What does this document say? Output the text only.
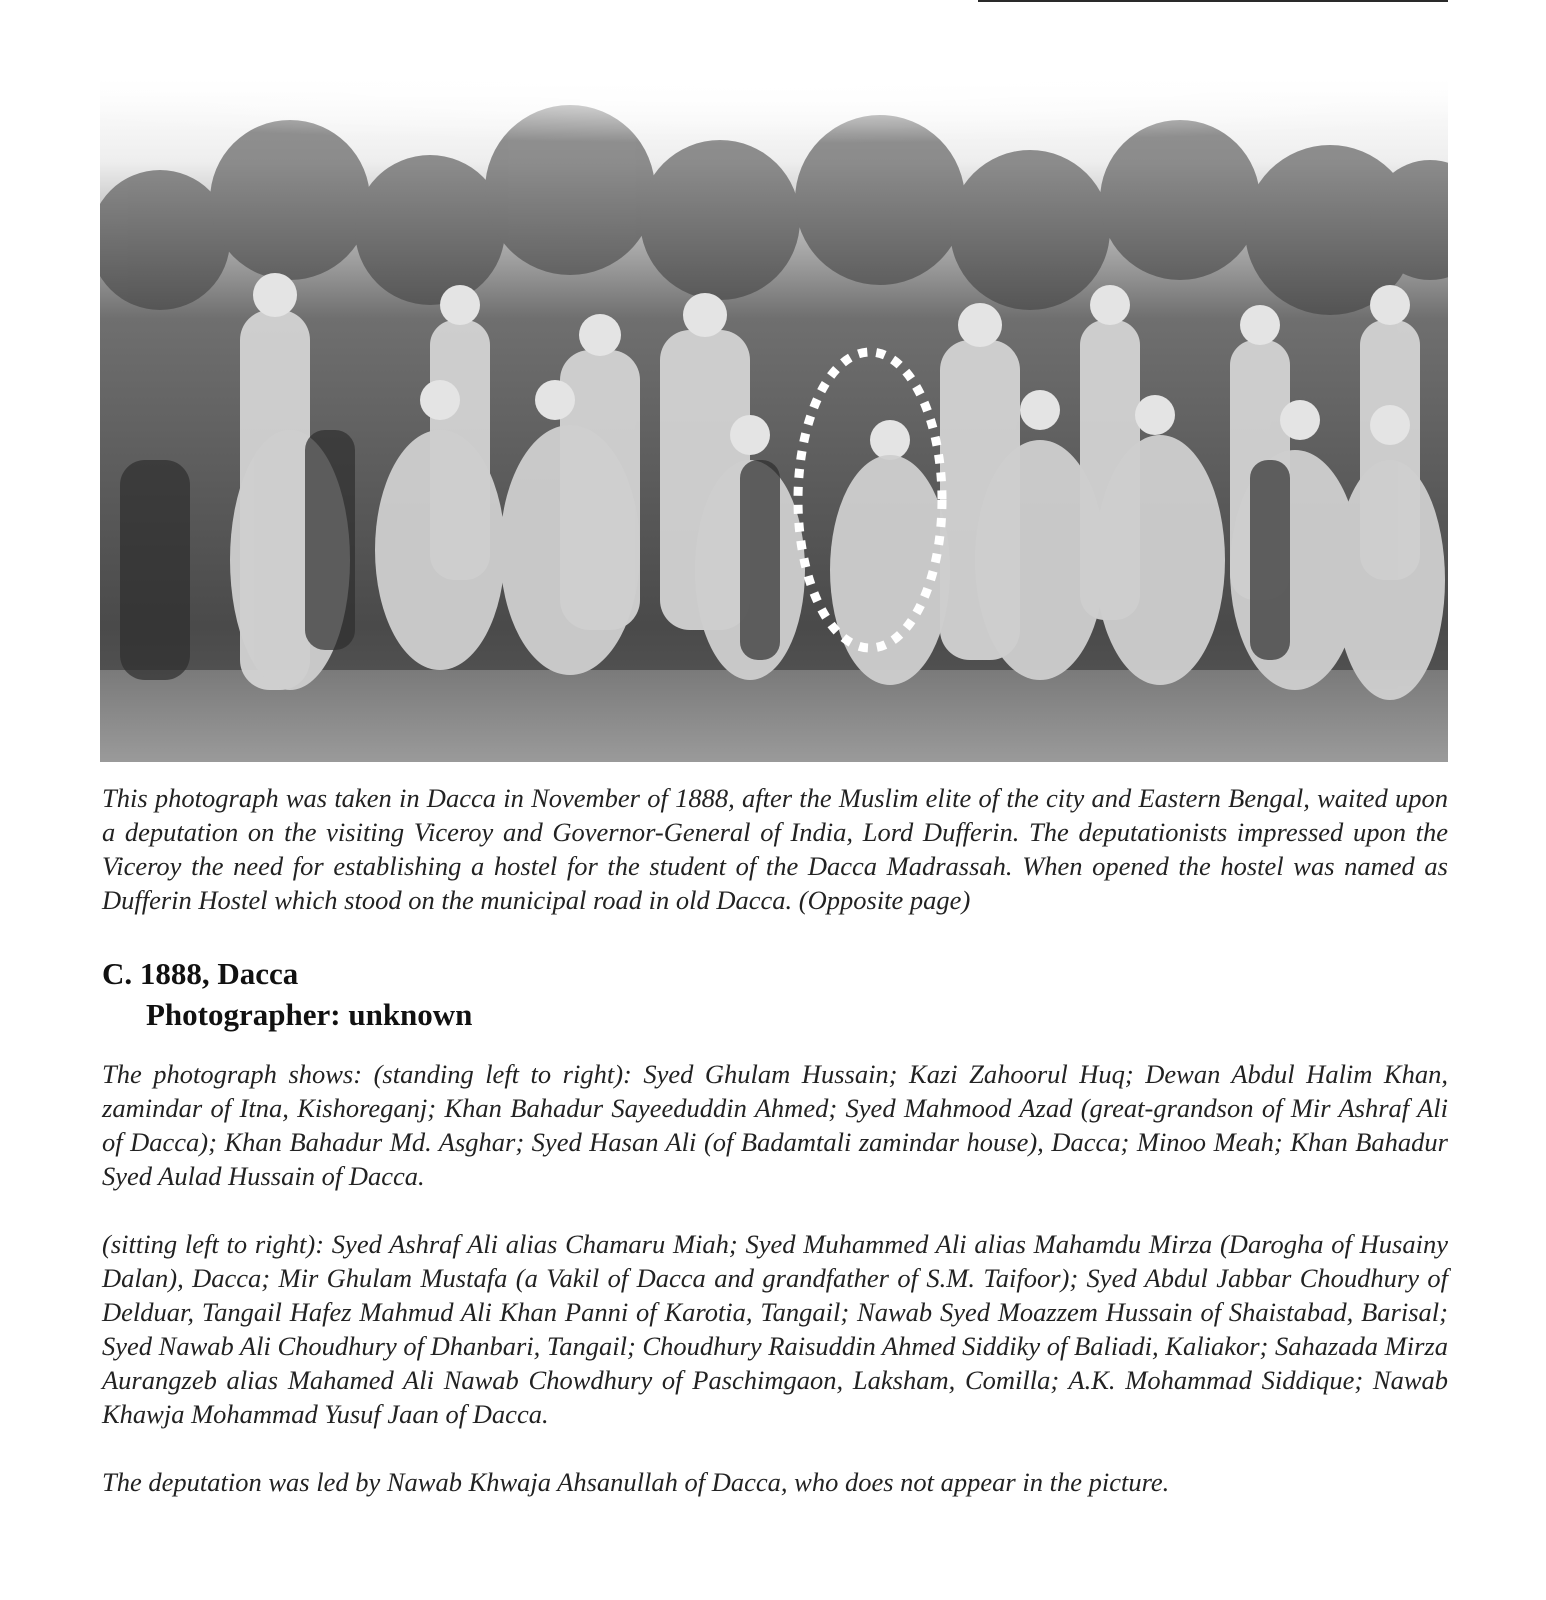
This photograph was taken in Dacca in November of 1888, after the Muslim elite of the city and Eastern Bengal, waited upon a deputation on the visiting Viceroy and Governor-General of India, Lord Dufferin. The deputationists impressed upon the Viceroy the need for establishing a hostel for the student of the Dacca Madrassah. When opened the hostel was named as Dufferin Hostel which stood on the municipal road in old Dacca. (Opposite page)

C. 1888, Dacca
Photographer: unknown

The photograph shows: (standing left to right): Syed Ghulam Hussain; Kazi Zahoorul Huq; Dewan Abdul Halim Khan, zamindar of Itna, Kishoreganj; Khan Bahadur Sayeeduddin Ahmed; Syed Mahmood Azad (great-grandson of Mir Ashraf Ali of Dacca); Khan Bahadur Md. Asghar; Syed Hasan Ali (of Badamtali zamindar house), Dacca; Minoo Meah; Khan Bahadur Syed Aulad Hussain of Dacca.

(sitting left to right): Syed Ashraf Ali alias Chamaru Miah; Syed Muhammed Ali alias Mahamdu Mirza (Darogha of Husainy Dalan), Dacca; Mir Ghulam Mustafa (a Vakil of Dacca and grandfather of S.M. Taifoor); Syed Abdul Jabbar Choudhury of Delduar, Tangail Hafez Mahmud Ali Khan Panni of Karotia, Tangail; Nawab Syed Moazzem Hussain of Shaistabad, Barisal; Syed Nawab Ali Choudhury of Dhanbari, Tangail; Choudhury Raisuddin Ahmed Siddiky of Baliadi, Kaliakor; Sahazada Mirza Aurangzeb alias Mahamed Ali Nawab Chowdhury of Paschimgaon, Laksham, Comilla; A.K. Mohammad Siddique; Nawab Khawja Mohammad Yusuf Jaan of Dacca.

The deputation was led by Nawab Khwaja Ahsanullah of Dacca, who does not appear in the picture.
